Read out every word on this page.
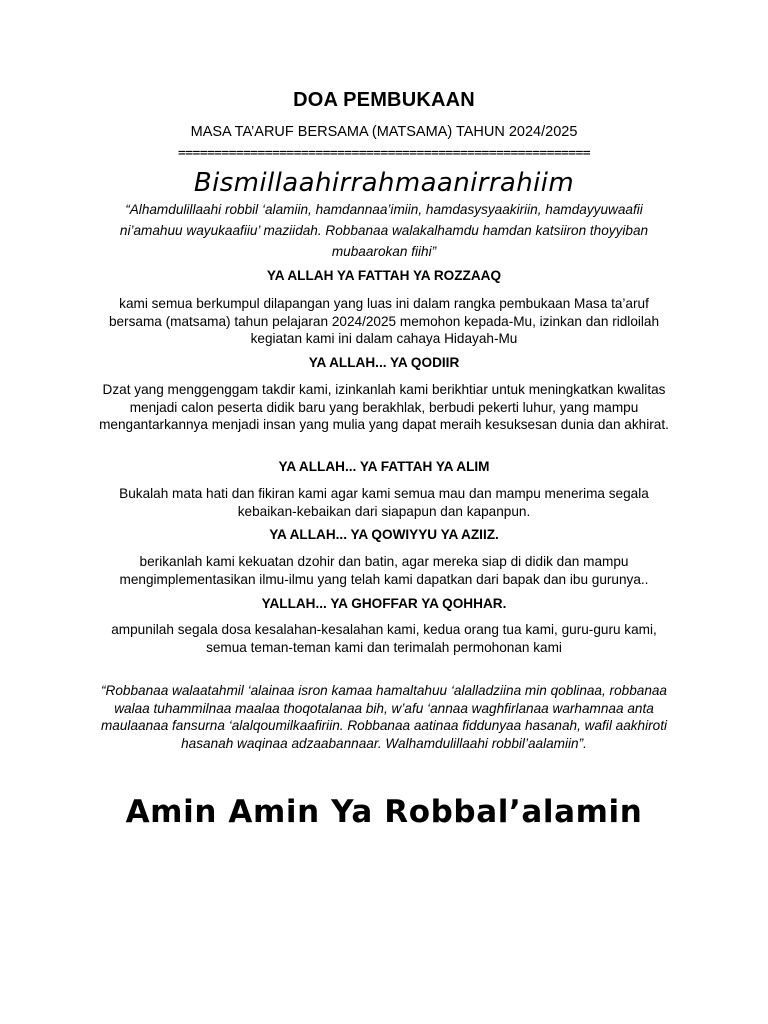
DOA PEMBUKAAN
MASA TA’ARUF BERSAMA (MATSAMA) TAHUN 2024/2025
=========================================================
Bismillaahirrahmaanirrahiim
“Alhamdulillaahi robbil ‘alamiin, hamdannaa’imiin, hamdasysyaakiriin, hamdayyuwaafii ni’amahuu wayukaafiiu’ maziidah. Robbanaa walakalhamdu hamdan katsiiron thoyyiban mubaarokan fiihi”
YA ALLAH YA FATTAH YA ROZZAAQ
kami semua berkumpul dilapangan yang luas ini dalam rangka pembukaan Masa ta’aruf bersama (matsama) tahun pelajaran 2024/2025 memohon kepada-Mu, izinkan dan ridloilah kegiatan kami ini dalam cahaya Hidayah-Mu
YA ALLAH... YA QODIIR
Dzat yang menggenggam takdir kami, izinkanlah kami berikhtiar untuk meningkatkan kwalitas menjadi calon peserta didik baru yang berakhlak, berbudi pekerti luhur, yang mampu mengantarkannya menjadi insan yang mulia yang dapat meraih kesuksesan dunia dan akhirat.
YA ALLAH... YA FATTAH YA ALIM
Bukalah mata hati dan fikiran kami agar kami semua mau dan mampu menerima segala kebaikan-kebaikan dari siapapun dan kapanpun.
YA ALLAH... YA QOWIYYU YA AZIIZ.
berikanlah kami kekuatan dzohir dan batin, agar mereka siap di didik dan mampu mengimplementasikan ilmu-ilmu yang telah kami dapatkan dari bapak dan ibu gurunya..
YALLAH... YA GHOFFAR YA QOHHAR.
ampunilah segala dosa kesalahan-kesalahan kami, kedua orang tua kami, guru-guru kami, semua teman-teman kami dan terimalah permohonan kami
“Robbanaa walaatahmil ‘alainaa isron kamaa hamaltahuu ‘alalladziina min qoblinaa, robbanaa walaa tuhammilnaa maalaa thoqotalanaa bih, w’afu ‘annaa waghfirlanaa warhamnaa anta maulaanaa fansurna ‘alalqoumilkaafiriin. Robbanaa aatinaa fiddunyaa hasanah, wafil aakhiroti hasanah waqinaa adzaabannaar. Walhamdulillaahi robbil’aalamiin”.
Amin Amin Ya Robbal’alamin
